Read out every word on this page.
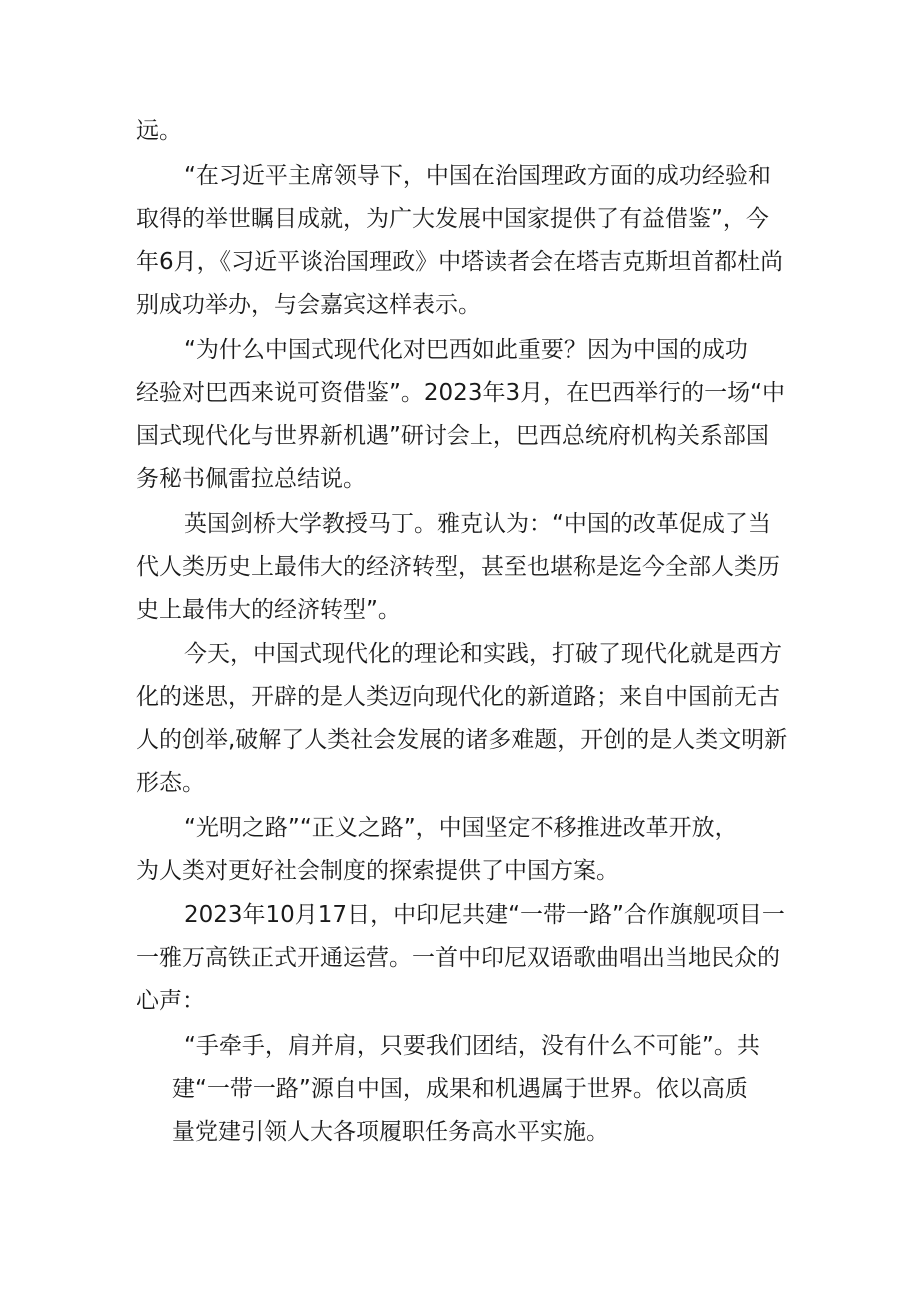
远。

“在习近平主席领导下，中国在治国理政方面的成功经验和

取得的举世瞩目成就，为广大发展中国家提供了有益借鉴”，今

年6月，《习近平谈治国理政》中塔读者会在塔吉克斯坦首都杜尚

别成功举办，与会嘉宾这样表示。

“为什么中国式现代化对巴西如此重要？因为中国的成功

经验对巴西来说可资借鉴”。2023年3月，在巴西举行的一场“中

国式现代化与世界新机遇”研讨会上，巴西总统府机构关系部国

务秘书佩雷拉总结说。

英国剑桥大学教授马丁。雅克认为：“中国的改革促成了当

代人类历史上最伟大的经济转型，甚至也堪称是迄今全部人类历

史上最伟大的经济转型”。

今天，中国式现代化的理论和实践，打破了现代化就是西方

化的迷思，开辟的是人类迈向现代化的新道路；来自中国前无古

人的创举,破解了人类社会发展的诸多难题，开创的是人类文明新

形态。

“光明之路”“正义之路”，中国坚定不移推进改革开放，

为人类对更好社会制度的探索提供了中国方案。

2023年10月17日，中印尼共建“一带一路”合作旗舰项目一

一雅万高铁正式开通运营。一首中印尼双语歌曲唱出当地民众的

心声：

“手牵手，肩并肩，只要我们团结，没有什么不可能”。共

建“一带一路”源自中国，成果和机遇属于世界。依以高质

量党建引领人大各项履职任务高水平实施。
